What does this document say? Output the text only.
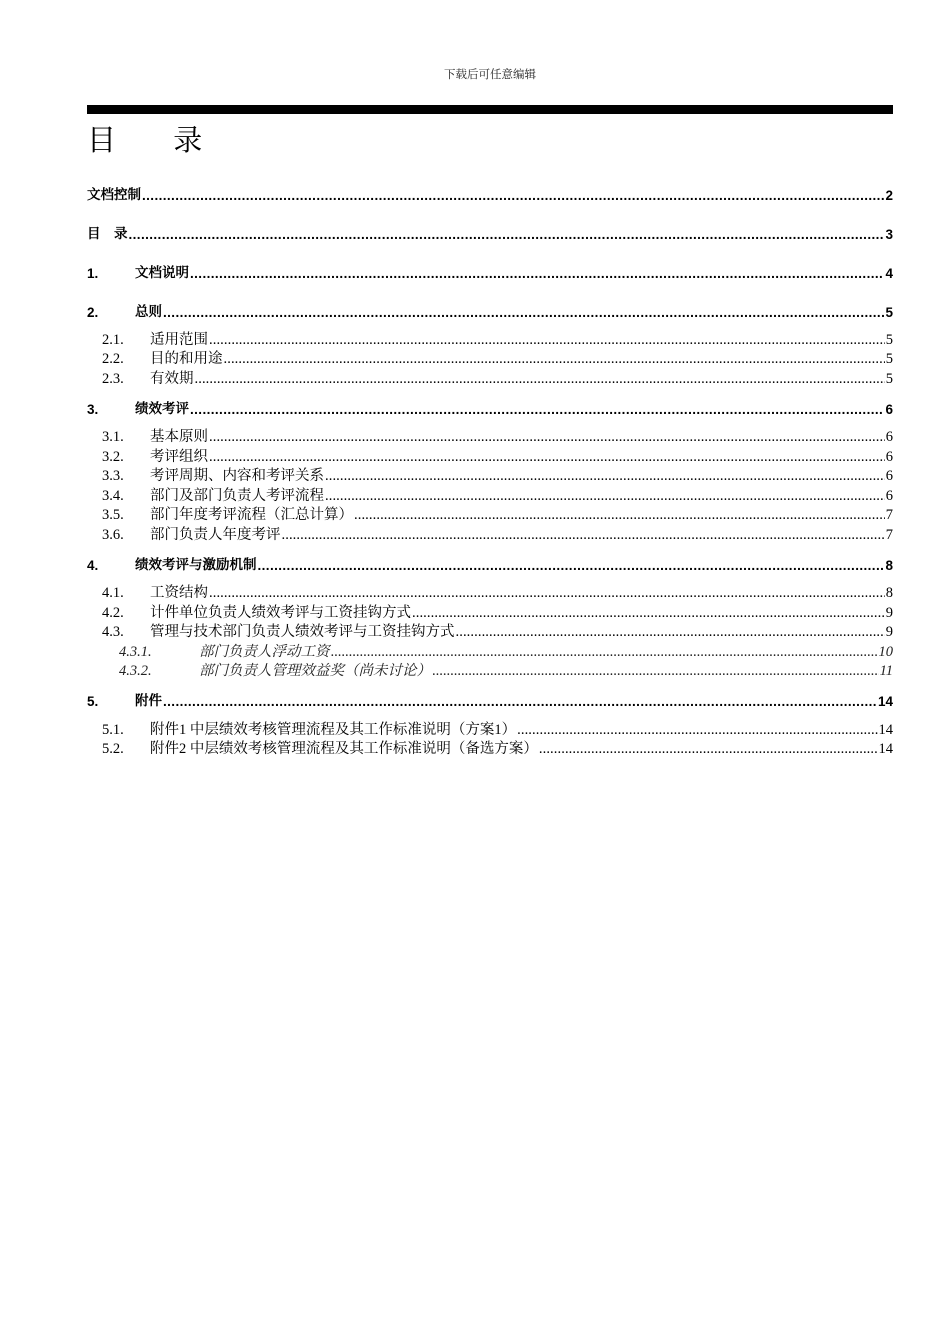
下载后可任意编辑
目 录
文档控制 .....	2
目　录 .....	3
1.	文档说明 .....	4
2.	总则 .....	5
2.1.	适用范围 .....	5
2.2.	目的和用途 .....	5
2.3.	有效期 .....	5
3.	绩效考评 .....	6
3.1.	基本原则 .....	6
3.2.	考评组织 .....	6
3.3.	考评周期、内容和考评关系 .....	6
3.4.	部门及部门负责人考评流程 .....	6
3.5.	部门年度考评流程（汇总计算） .....	7
3.6.	部门负责人年度考评 .....	7
4.	绩效考评与激励机制 .....	8
4.1.	工资结构 .....	8
4.2.	计件单位负责人绩效考评与工资挂钩方式 .....	9
4.3.	管理与技术部门负责人绩效考评与工资挂钩方式 .....	9
4.3.1.	部门负责人浮动工资 .....	10
4.3.2.	部门负责人管理效益奖（尚未讨论） .....	11
5.	附件 .....	14
5.1.	附件1 中层绩效考核管理流程及其工作标准说明（方案1） .....	14
5.2.	附件2 中层绩效考核管理流程及其工作标准说明（备选方案） .....	14
